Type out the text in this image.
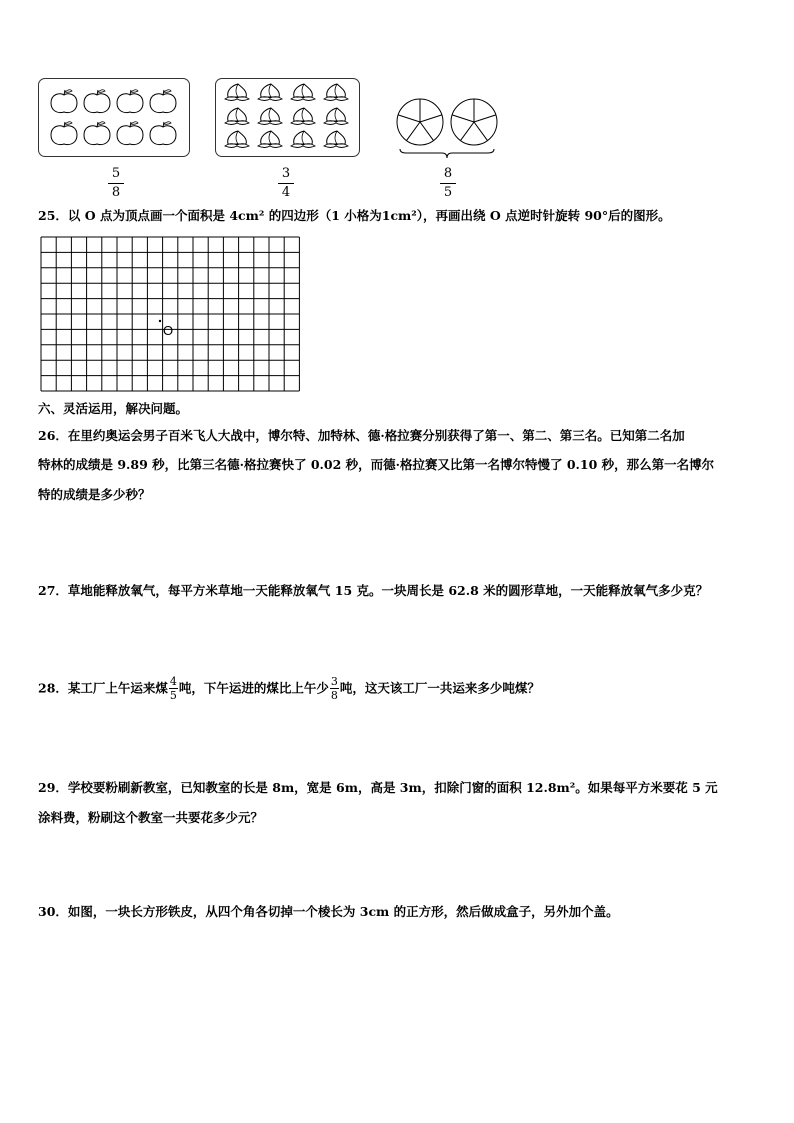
5
8
3
4
8
5
25．以 O 点为顶点画一个面积是 4cm² 的四边形（1 小格为1cm²），再画出绕 O 点逆时针旋转 90°后的图形。
O
六、灵活运用，解决问题。
26．在里约奥运会男子百米飞人大战中，博尔特、加特林、德·格拉赛分别获得了第一、第二、第三名。已知第二名加
特林的成绩是 9.89 秒，比第三名德·格拉赛快了 0.02 秒，而德·格拉赛又比第一名博尔特慢了 0.10 秒，那么第一名博尔
特的成绩是多少秒？
27．草地能释放氧气，每平方米草地一天能释放氧气 15 克。一块周长是 62.8 米的圆形草地，一天能释放氧气多少克？
28．某工厂上午运来煤 $\frac{4}{5}$ 吨，下午运进的煤比上午少 $\frac{3}{8}$ 吨，这天该工厂一共运来多少吨煤？
29．学校要粉刷新教室，已知教室的长是 8m，宽是 6m，高是 3m，扣除门窗的面积 12.8m²。如果每平方米要花 5 元
涂料费，粉刷这个教室一共要花多少元？
30．如图，一块长方形铁皮，从四个角各切掉一个棱长为 3cm 的正方形，然后做成盒子，另外加个盖。
